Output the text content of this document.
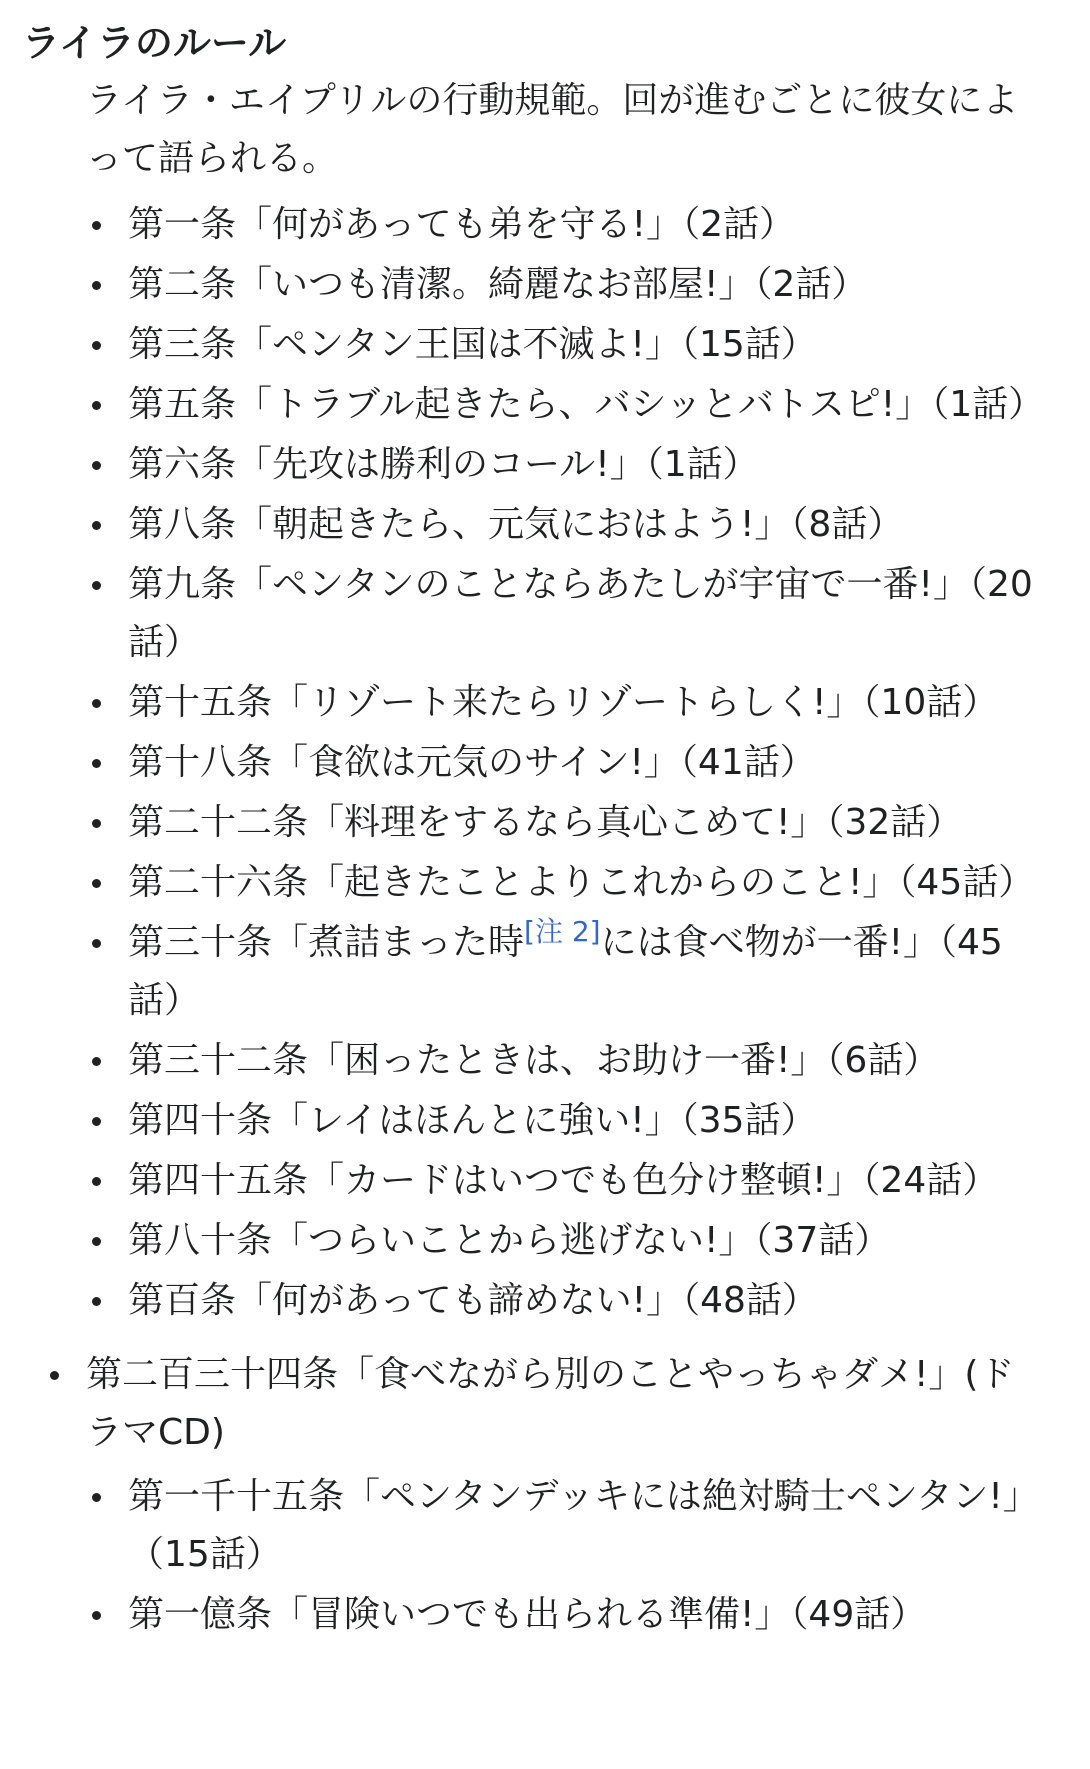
ライラのルール

ライラ・エイプリルの行動規範。回が進むごとに彼女によって語られる。
第一条「何があっても弟を守る!」（2話）
第二条「いつも清潔。綺麗なお部屋!」（2話）
第三条「ペンタン王国は不滅よ!」（15話）
第五条「トラブル起きたら、バシッとバトスピ!」（1話）
第六条「先攻は勝利のコール!」（1話）
第八条「朝起きたら、元気におはよう!」（8話）
第九条「ペンタンのことならあたしが宇宙で一番!」（20話）
第十五条「リゾート来たらリゾートらしく!」（10話）
第十八条「食欲は元気のサイン!」（41話）
第二十二条「料理をするなら真心こめて!」（32話）
第二十六条「起きたことよりこれからのこと!」（45話）
第三十条「煮詰まった時[注 2]には食べ物が一番!」（45話）
第三十二条「困ったときは、お助け一番!」（6話）
第四十条「レイはほんとに強い!」（35話）
第四十五条「カードはいつでも色分け整頓!」（24話）
第八十条「つらいことから逃げない!」（37話）
第百条「何があっても諦めない!」（48話）
第二百三十四条「食べながら別のことやっちゃダメ!」(ドラマCD)
第一千十五条「ペンタンデッキには絶対騎士ペンタン!」（15話）
第一億条「冒険いつでも出られる準備!」（49話）
